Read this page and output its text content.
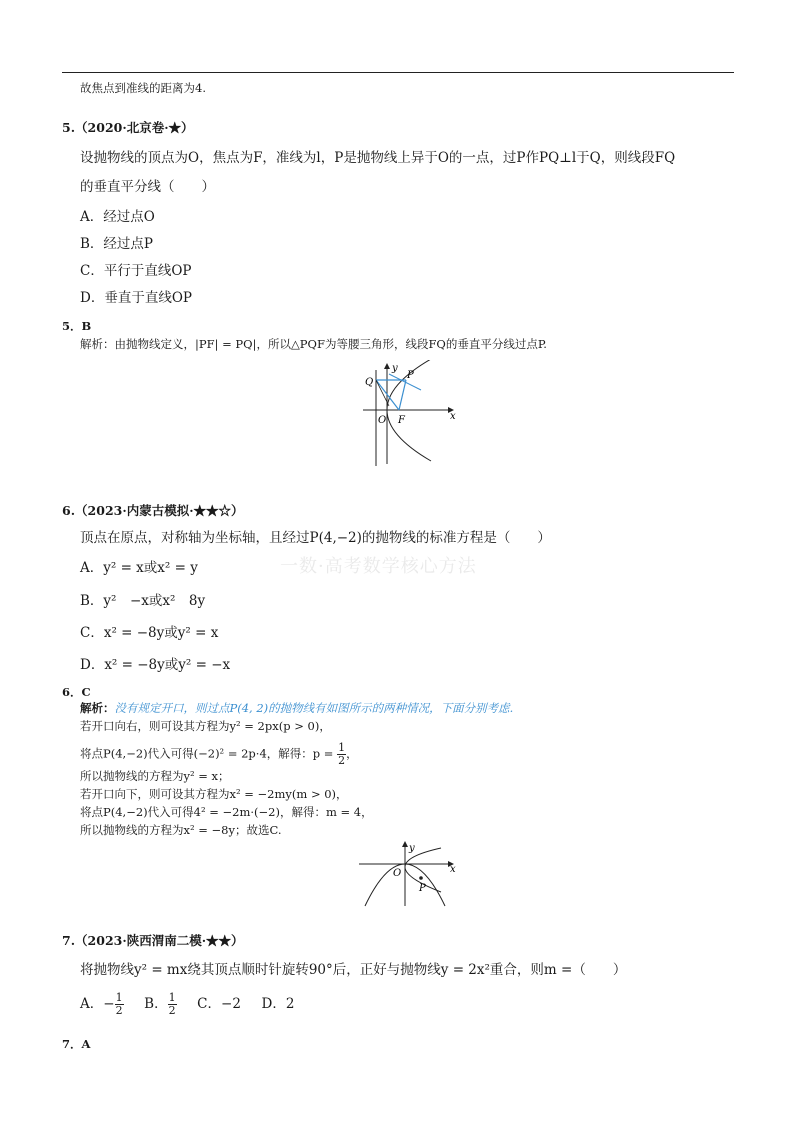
故焦点到准线的距离为4.
5.（2020·北京卷·★）
设抛物线的顶点为O，焦点为F，准线为l，P是抛物线上异于O的一点，过P作PQ⊥l于Q，则线段FQ
的垂直平分线（　　）
A．经过点O
B．经过点P
C．平行于直线OP
D．垂直于直线OP
5．B
解析：由抛物线定义，|PF| = PQ|，所以△PQF为等腰三角形，线段FQ的垂直平分线过点P.
y
x
Q
P
O F
6.（2023·内蒙古模拟·★★☆）
顶点在原点，对称轴为坐标轴，且经过P(4,−2)的抛物线的标准方程是（　　）
一数·高考数学核心方法
A．y² = x或x² = y
B．y²　−x或x²　8y
C．x² = −8y或y² = x
D．x² = −8y或y² = −x
6．C
解析：没有规定开口，则过点P(4, 2)的抛物线有如图所示的两种情况，下面分别考虑.
若开口向右，则可设其方程为y² = 2px(p > 0)，
将点P(4,−2)代入可得(−2)² = 2p·4，解得：$p = \frac{1}{2}$ ，
所以抛物线的方程为y² = x；
若开口向下，则可设其方程为x² = −2my(m > 0)，
将点P(4,−2)代入可得4² = −2m·(−2)，解得：m = 4，
所以抛物线的方程为x² = −8y；故选C.
y
x
O
P
7.（2023·陕西渭南二模·★★）
将抛物线y² = mx绕其顶点顺时针旋转90°后，正好与抛物线y = 2x²重合，则m =（　　）
A．− $\frac{1}{2}$ B． $\frac{1}{2}$ C．−2 D．2
7．A
